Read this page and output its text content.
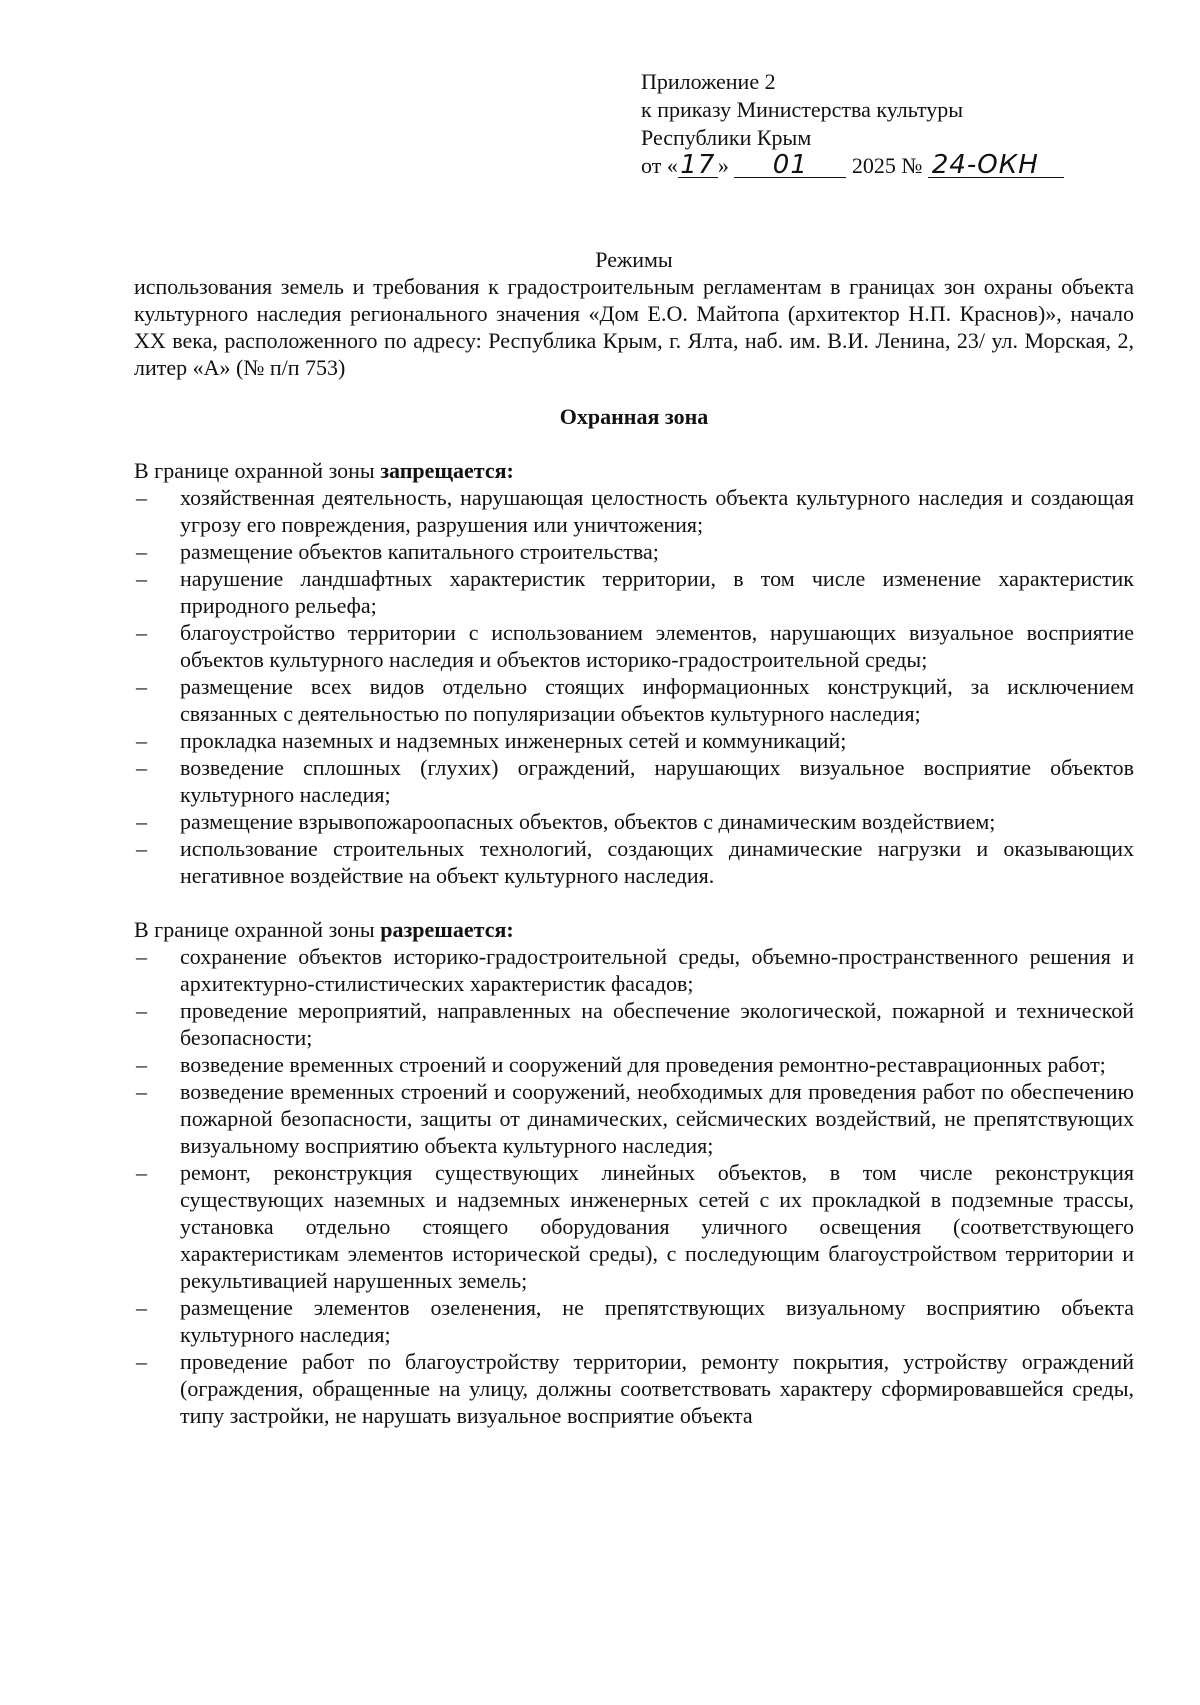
Приложение 2
к приказу Министерства культуры
Республики Крым
от «17 » 01 2025 № 24-ОКН
Режимы
использования земель и требования к градостроительным регламентам в границах зон охраны объекта культурного наследия регионального значения «Дом Е.О. Майтопа (архитектор Н.П. Краснов)», начало XX века, расположенного по адресу: Республика Крым, г. Ялта, наб. им. В.И. Ленина, 23/ ул. Морская, 2, литер «А» (№ п/п 753)
Охранная зона
В границе охранной зоны запрещается:
– хозяйственная деятельность, нарушающая целостность объекта культурного наследия и создающая угрозу его повреждения, разрушения или уничтожения;
– размещение объектов капитального строительства;
– нарушение ландшафтных характеристик территории, в том числе изменение характеристик природного рельефа;
– благоустройство территории с использованием элементов, нарушающих визуальное восприятие объектов культурного наследия и объектов историко-градостроительной среды;
– размещение всех видов отдельно стоящих информационных конструкций, за исключением связанных с деятельностью по популяризации объектов культурного наследия;
– прокладка наземных и надземных инженерных сетей и коммуникаций;
– возведение сплошных (глухих) ограждений, нарушающих визуальное восприятие объектов культурного наследия;
– размещение взрывопожароопасных объектов, объектов с динамическим воздействием;
– использование строительных технологий, создающих динамические нагрузки и оказывающих негативное воздействие на объект культурного наследия.
В границе охранной зоны разрешается:
– сохранение объектов историко-градостроительной среды, объемно-пространственного решения и архитектурно-стилистических характеристик фасадов;
– проведение мероприятий, направленных на обеспечение экологической, пожарной и технической безопасности;
– возведение временных строений и сооружений для проведения ремонтно-реставрационных работ;
– возведение временных строений и сооружений, необходимых для проведения работ по обеспечению пожарной безопасности, защиты от динамических, сейсмических воздействий, не препятствующих визуальному восприятию объекта культурного наследия;
– ремонт, реконструкция существующих линейных объектов, в том числе реконструкция существующих наземных и надземных инженерных сетей с их прокладкой в подземные трассы, установка отдельно стоящего оборудования уличного освещения (соответствующего характеристикам элементов исторической среды), с последующим благоустройством территории и рекультивацией нарушенных земель;
– размещение элементов озеленения, не препятствующих визуальному восприятию объекта культурного наследия;
– проведение работ по благоустройству территории, ремонту покрытия, устройству ограждений (ограждения, обращенные на улицу, должны соответствовать характеру сформировавшейся среды, типу застройки, не нарушать визуальное восприятие объекта
